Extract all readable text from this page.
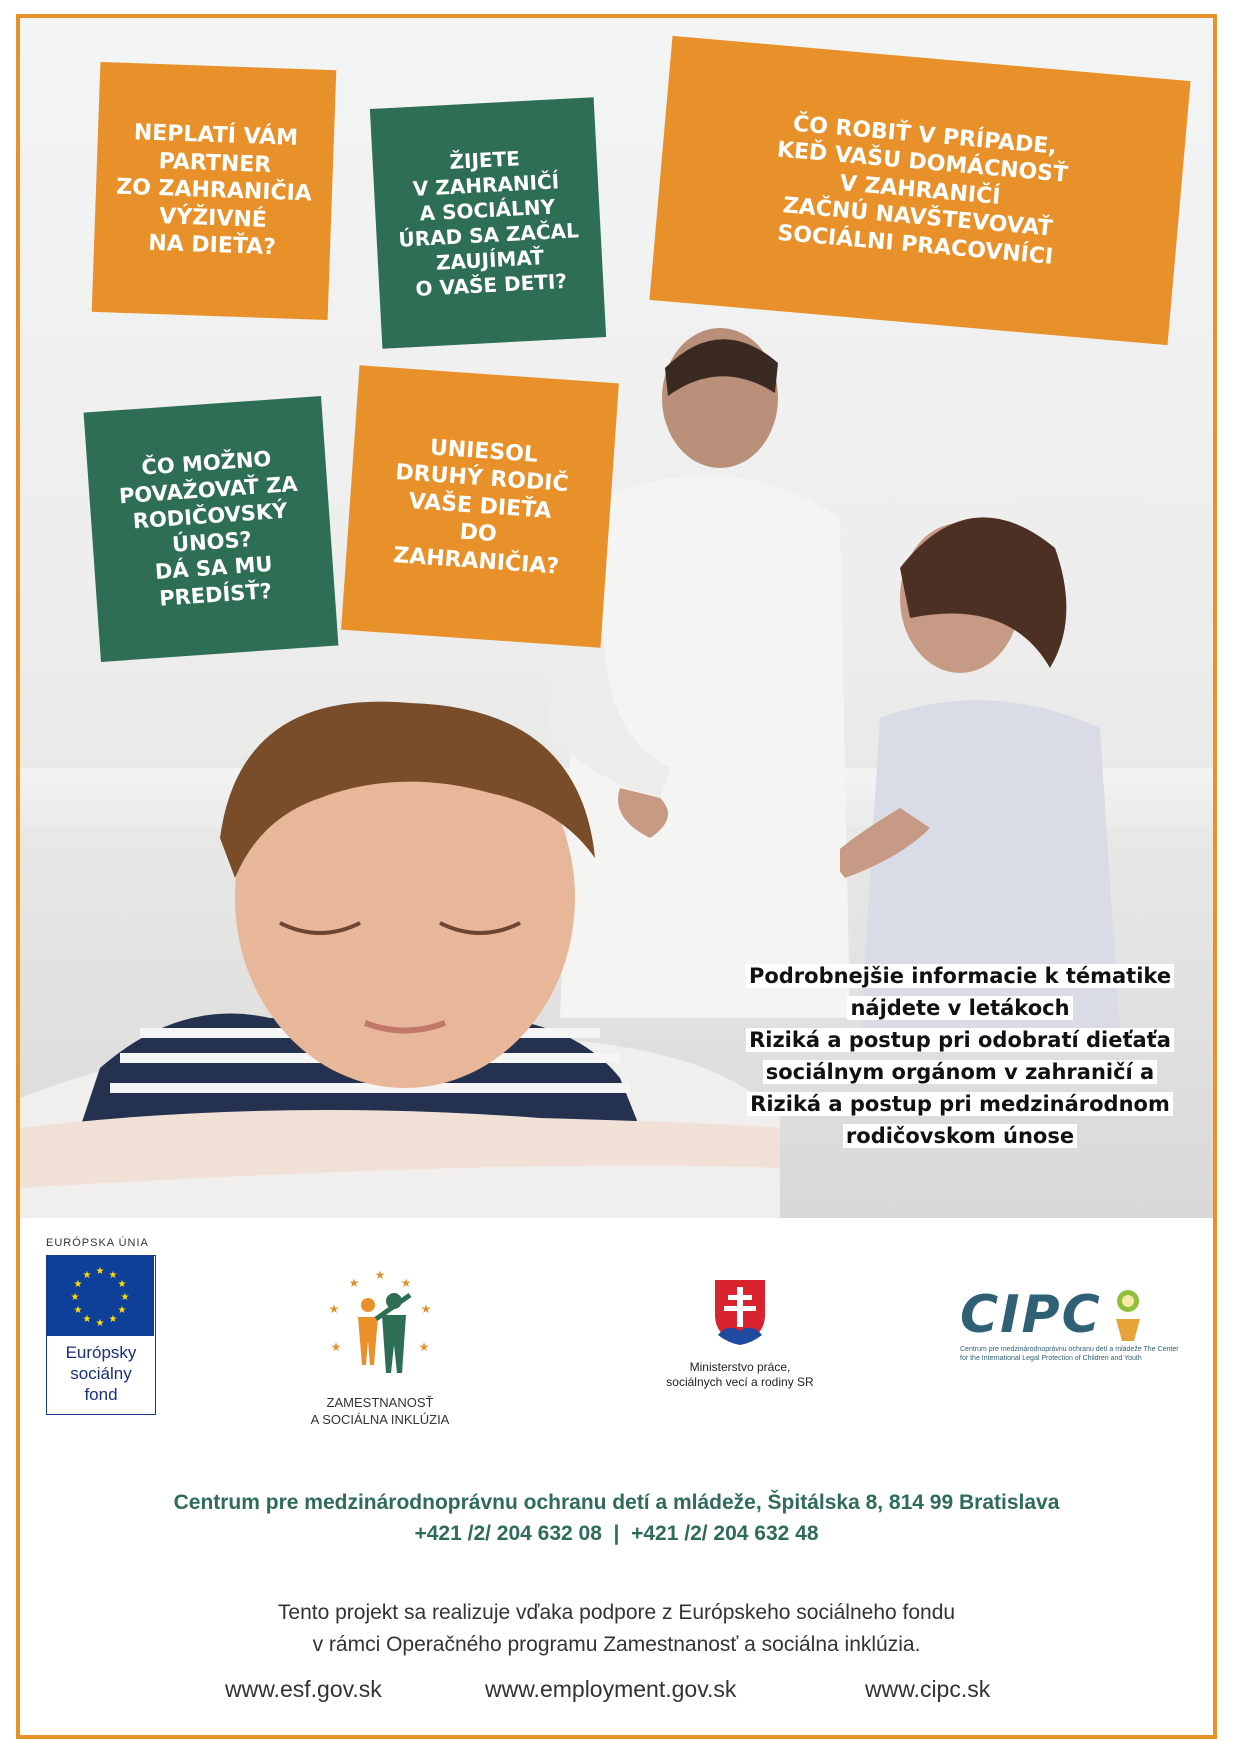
NEPLATÍ VÁM
PARTNER
ZO ZAHRANIČIA
VÝŽIVNÉ
NA DIEŤA?
ŽIJETE
V ZAHRANIČÍ
A SOCIÁLNY
ÚRAD SA ZAČAL
ZAUJÍMAŤ
O VAŠE DETI?
ČO ROBIŤ V PRÍPADE,
KEĎ VAŠU DOMÁCNOSŤ
V ZAHRANIČÍ
ZAČNÚ NAVŠTEVOVAŤ
SOCIÁLNI PRACOVNÍCI
ČO MOŽNO
POVAŽOVAŤ ZA
RODIČOVSKÝ
ÚNOS?
DÁ SA MU
PREDÍSŤ?
UNIESOL
DRUHÝ RODIČ
VAŠE DIEŤA
DO
ZAHRANIČIA?
Podrobnejšie informacie k tématike
nájdete v letákoch
Riziká a postup pri odobratí dieťaťa
sociálnym orgánom v zahraničí a
Riziká a postup pri medzinárodnom
rodičovskom únose
EURÓPSKA ÚNIA
★ ★
★
★
★
★
★
★
★
★
★
★
Európsky
sociálny
fond
★
★	★
★	★
★	★
ZAMESTNANOSŤ
A SOCIÁLNA INKLÚZIA
Ministerstvo práce,
sociálnych vecí a rodiny SR
CIPC
Centrum pre medzinárodnoprávnu ochranu detí a mládeže The Center for the International Legal Protection of Children and Youth
Centrum pre medzinárodnoprávnu ochranu detí a mládeže, Špitálska 8, 814 99 Bratislava
+421 /2/ 204 632 08  |  +421 /2/ 204 632 48
Tento projekt sa realizuje vďaka podpore z Európskeho sociálneho fondu
v rámci Operačného programu Zamestnanosť a sociálna inklúzia.
www.esf.gov.sk	www.employment.gov.sk	www.cipc.sk
